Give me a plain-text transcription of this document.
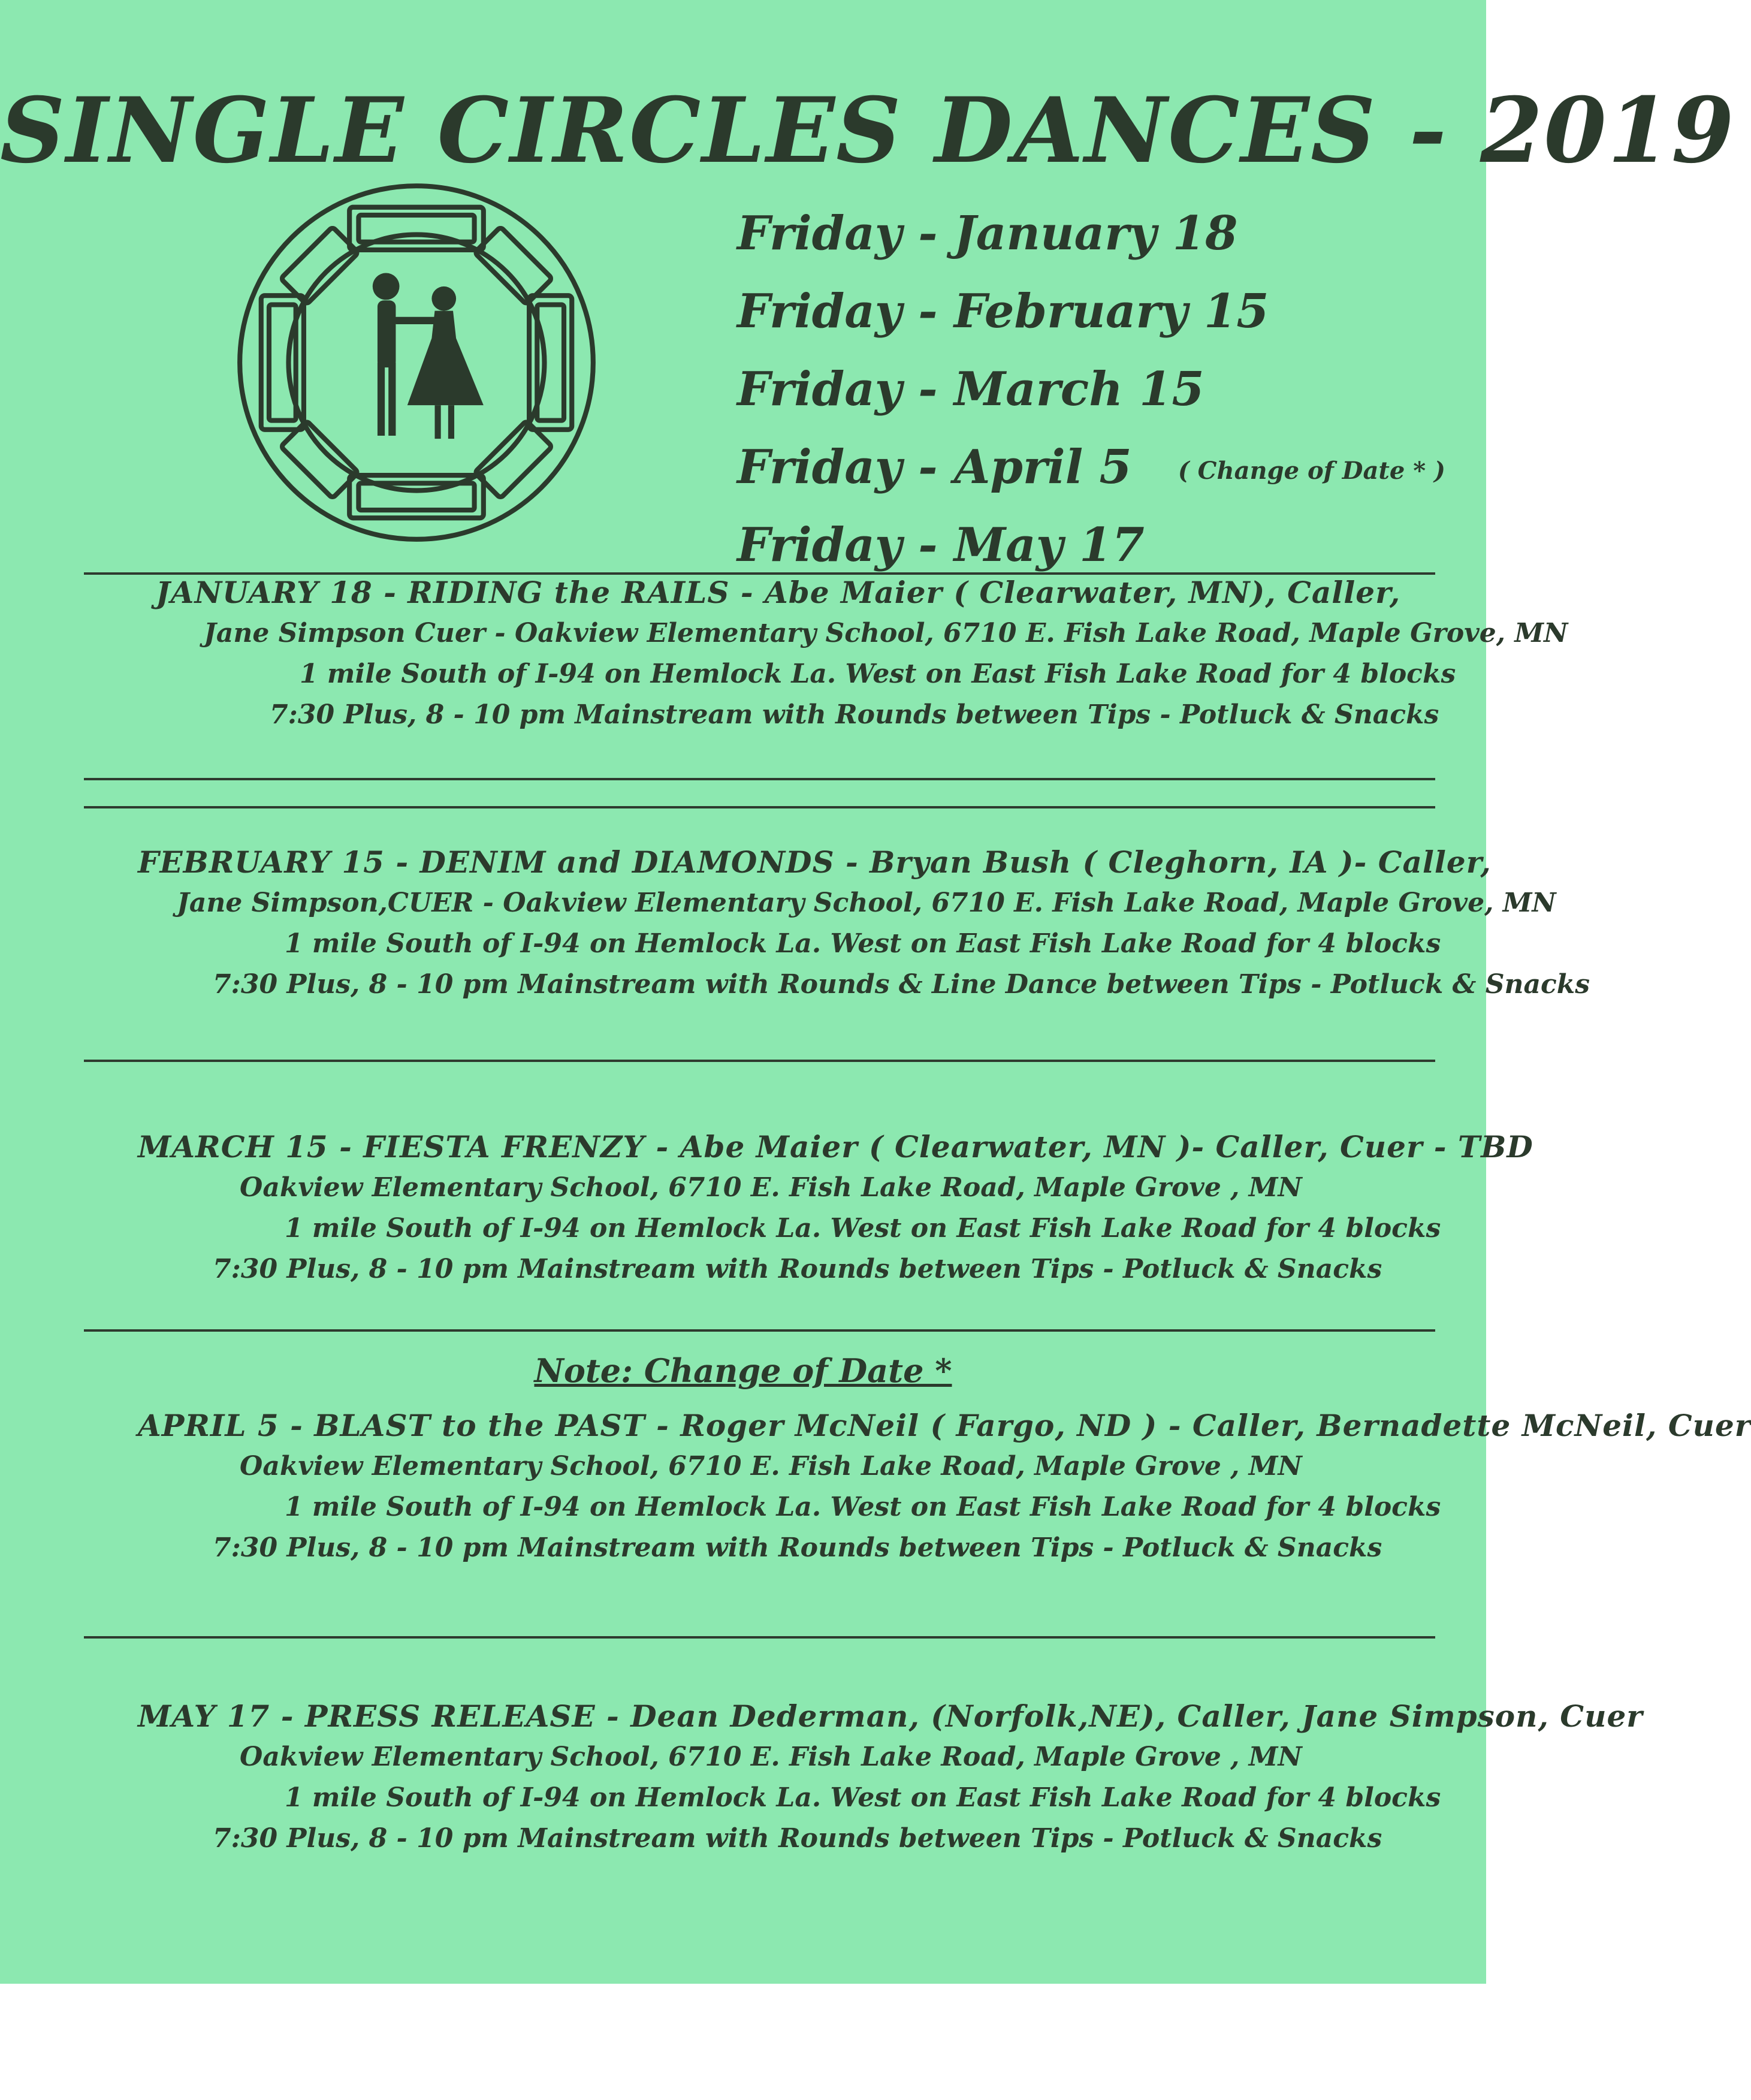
SINGLE CIRCLES DANCES - 2019
Friday - January 18
Friday - February 15
Friday - March 15
Friday - April 5 ( Change of Date * )
Friday - May 17
JANUARY 18 - RIDING the RAILS - Abe Maier ( Clearwater, MN), Caller,
Jane Simpson Cuer - Oakview Elementary School, 6710 E. Fish Lake Road, Maple Grove, MN
1 mile South of I-94 on Hemlock La. West on East Fish Lake Road for 4 blocks
7:30 Plus, 8 - 10 pm Mainstream with Rounds between Tips - Potluck & Snacks
FEBRUARY 15 - DENIM and DIAMONDS - Bryan Bush ( Cleghorn, IA )- Caller,
Jane Simpson,CUER - Oakview Elementary School, 6710 E. Fish Lake Road, Maple Grove, MN
1 mile South of I-94 on Hemlock La. West on East Fish Lake Road for 4 blocks
7:30 Plus, 8 - 10 pm Mainstream with Rounds & Line Dance between Tips - Potluck & Snacks
MARCH 15 - FIESTA FRENZY - Abe Maier ( Clearwater, MN )- Caller, Cuer - TBD
Oakview Elementary School, 6710 E. Fish Lake Road, Maple Grove , MN
1 mile South of I-94 on Hemlock La. West on East Fish Lake Road for 4 blocks
7:30 Plus, 8 - 10 pm Mainstream with Rounds between Tips - Potluck & Snacks
Note: Change of Date *
APRIL 5 - BLAST to the PAST - Roger McNeil ( Fargo, ND ) - Caller, Bernadette McNeil, Cuer
Oakview Elementary School, 6710 E. Fish Lake Road, Maple Grove , MN
1 mile South of I-94 on Hemlock La. West on East Fish Lake Road for 4 blocks
7:30 Plus, 8 - 10 pm Mainstream with Rounds between Tips - Potluck & Snacks
MAY 17 - PRESS RELEASE - Dean Dederman, (Norfolk,NE), Caller, Jane Simpson, Cuer
Oakview Elementary School, 6710 E. Fish Lake Road, Maple Grove , MN
1 mile South of I-94 on Hemlock La. West on East Fish Lake Road for 4 blocks
7:30 Plus, 8 - 10 pm Mainstream with Rounds between Tips - Potluck & Snacks
